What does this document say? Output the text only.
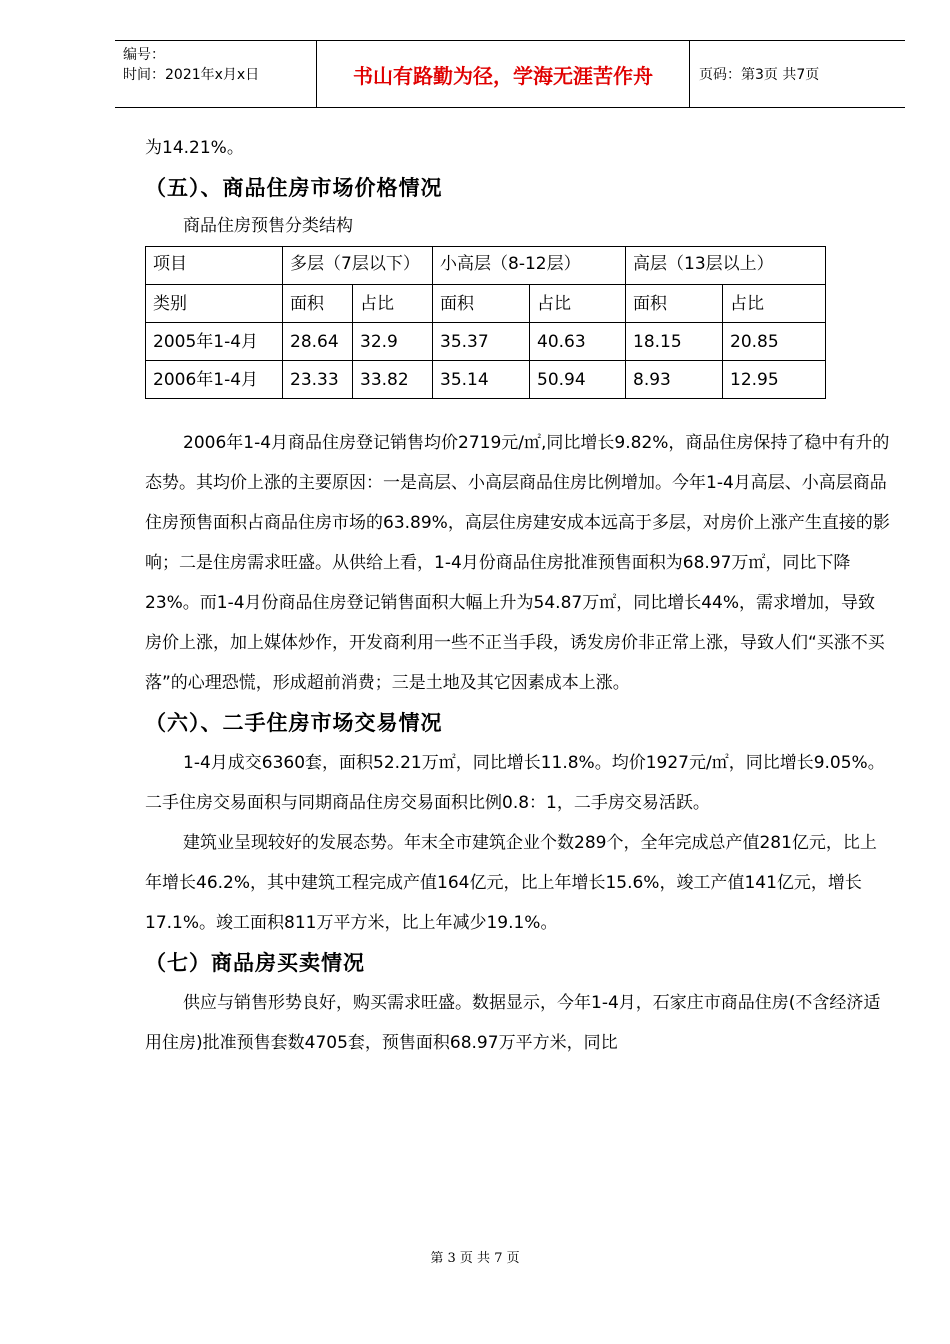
编号：
时间：2021年x月x日	书山有路勤为径，学海无涯苦作舟	页码：第3页 共7页

为14.21%。

（五）、商品住房市场价格情况
商品住房预售分类结构
项目	多层（7层以下）		小高层（8-12层）		高层（13层以上）	
类别	面积	占比	面积	占比	面积	占比
2005年1-4月	28.64	32.9	35.37	40.63	18.15	20.85
2006年1-4月	23.33	33.82	35.14	50.94	8.93	12.95

2006年1-4月商品住房登记销售均价2719元/㎡,同比增长9.82%，商品住房保持了稳中有升的态势。其均价上涨的主要原因：一是高层、小高层商品住房比例增加。今年1-4月高层、小高层商品住房预售面积占商品住房市场的63.89%，高层住房建安成本远高于多层，对房价上涨产生直接的影响；二是住房需求旺盛。从供给上看，1-4月份商品住房批准预售面积为68.97万㎡，同比下降23%。而1-4月份商品住房登记销售面积大幅上升为54.87万㎡，同比增长44%，需求增加，导致房价上涨，加上媒体炒作，开发商利用一些不正当手段，诱发房价非正常上涨，导致人们“买涨不买落”的心理恐慌，形成超前消费；三是土地及其它因素成本上涨。

（六）、二手住房市场交易情况

1-4月成交6360套，面积52.21万㎡，同比增长11.8%。均价1927元/㎡，同比增长9.05%。二手住房交易面积与同期商品住房交易面积比例0.8：1，二手房交易活跃。

建筑业呈现较好的发展态势。年末全市建筑企业个数289个，全年完成总产值281亿元，比上年增长46.2%，其中建筑工程完成产值164亿元，比上年增长15.6%，竣工产值141亿元，增长17.1%。竣工面积811万平方米，比上年减少19.1%。

（七）商品房买卖情况

供应与销售形势良好，购买需求旺盛。数据显示，今年1-4月，石家庄市商品住房(不含经济适用住房)批准预售套数4705套，预售面积68.97万平方米，同比

第 3 页 共 7 页
